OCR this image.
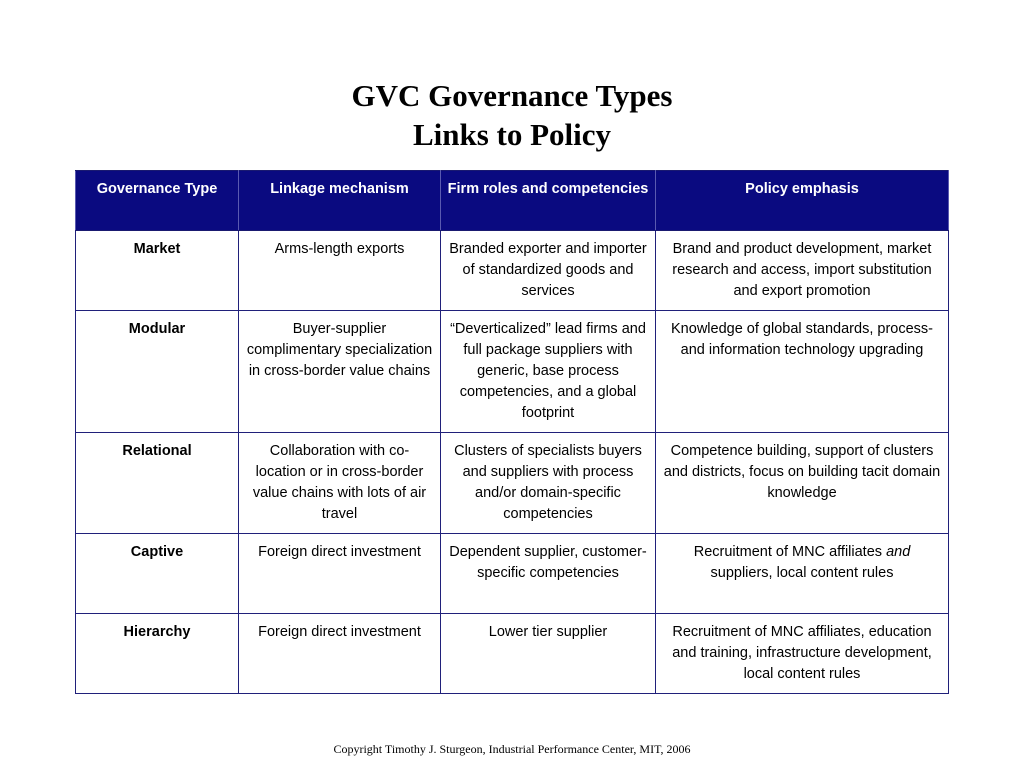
GVC Governance Types
Links to Policy
Governance Type	Linkage mechanism	Firm roles and competencies	Policy emphasis
Market	Arms-length exports	Branded exporter and importer of standardized goods and services	Brand and product development, market research and access, import substitution and export promotion
Modular	Buyer-supplier complimentary specialization in cross-border value chains	“Deverticalized” lead firms and full package suppliers with generic, base process competencies, and a global footprint	Knowledge of global standards, process- and information technology upgrading
Relational	Collaboration with co-location or in cross-border value chains with lots of air travel	Clusters of specialists buyers and suppliers with process and/or domain-specific competencies	Competence building, support of clusters and districts, focus on building tacit domain knowledge
Captive	Foreign direct investment	Dependent supplier, customer-specific competencies	Recruitment of MNC affiliates and suppliers, local content rules
Hierarchy	Foreign direct investment	Lower tier supplier	Recruitment of MNC affiliates, education and training, infrastructure development, local content rules
Copyright Timothy J. Sturgeon, Industrial Performance Center, MIT, 2006
